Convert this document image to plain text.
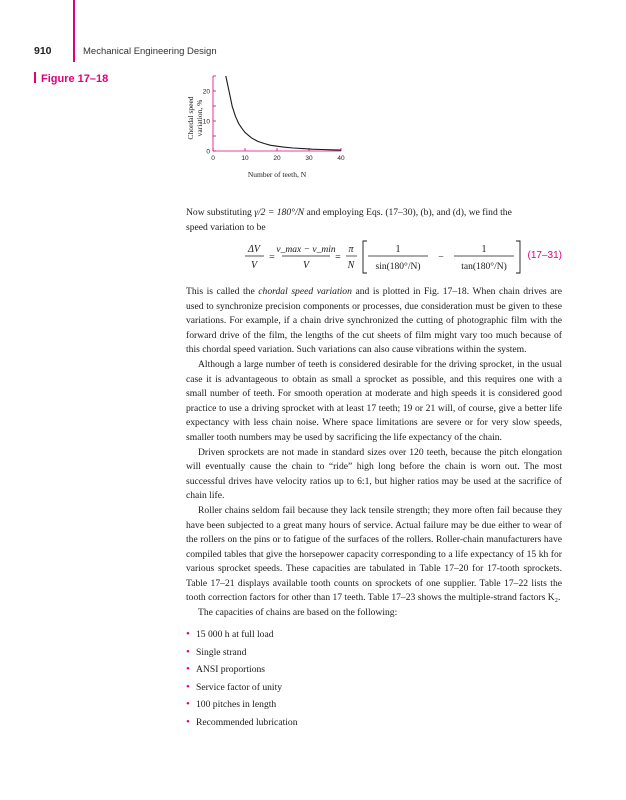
910	Mechanical Engineering Design
Figure 17–18
0	10	20	30	40
0
10
20
Chordal speed variation, %
Number of teeth, N

Now substituting γ/2 = 180°/N and employing Eqs. (17–30), (b), and (d), we find the

speed variation to be

ΔV
V
=
v_max − v_min
V
=
π
N
1
sin(180°/N)
−
1
tan(180°/N)
(17–31)

This is called the chordal speed variation and is plotted in Fig. 17–18. When chain drives are used to synchronize precision components or processes, due consideration must be given to these variations. For example, if a chain drive synchronized the cutting of photographic film with the forward drive of the film, the lengths of the cut sheets of film might vary too much because of this chordal speed variation. Such variations can also cause vibrations within the system.

Although a large number of teeth is considered desirable for the driving sprocket, in the usual case it is advantageous to obtain as small a sprocket as possible, and this requires one with a small number of teeth. For smooth operation at moderate and high speeds it is considered good practice to use a driving sprocket with at least 17 teeth; 19 or 21 will, of course, give a better life expectancy with less chain noise. Where space limitations are severe or for very slow speeds, smaller tooth numbers may be used by sacrificing the life expectancy of the chain.

Driven sprockets are not made in standard sizes over 120 teeth, because the pitch elongation will eventually cause the chain to “ride” high long before the chain is worn out. The most successful drives have velocity ratios up to 6:1, but higher ratios may be used at the sacrifice of chain life.

Roller chains seldom fail because they lack tensile strength; they more often fail because they have been subjected to a great many hours of service. Actual failure may be due either to wear of the rollers on the pins or to fatigue of the surfaces of the rollers. Roller-chain manufacturers have compiled tables that give the horsepower capacity corresponding to a life expectancy of 15 kh for various sprocket speeds. These capacities are tabulated in Table 17–20 for 17-tooth sprockets. Table 17–21 displays available tooth counts on sprockets of one supplier. Table 17–22 lists the tooth correction factors for other than 17 teeth. Table 17–23 shows the multiple-strand factors K₂.

The capacities of chains are based on the following:

• 15 000 h at full load
• Single strand
• ANSI proportions
• Service factor of unity
• 100 pitches in length
• Recommended lubrication
